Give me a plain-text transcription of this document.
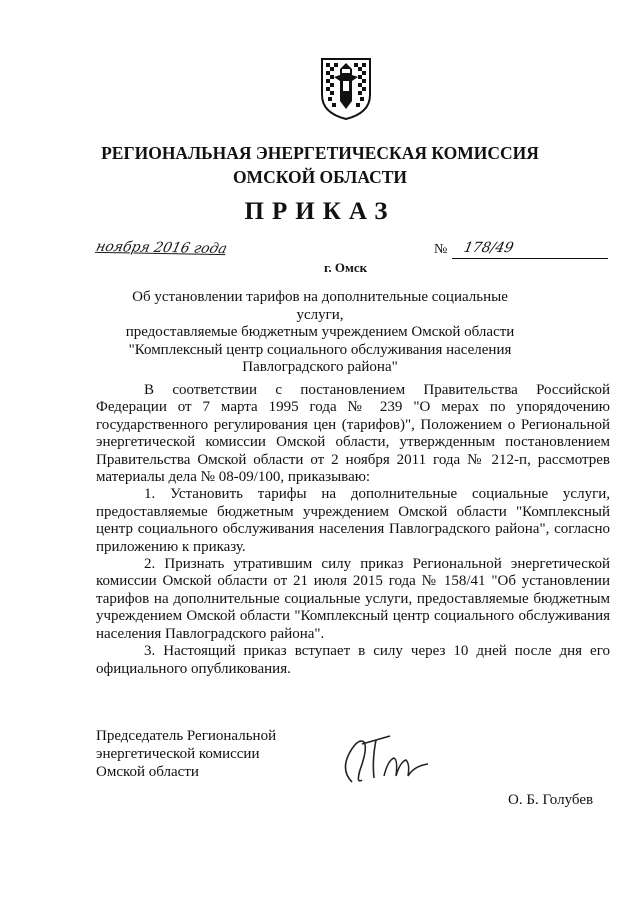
РЕГИОНАЛЬНАЯ ЭНЕРГЕТИЧЕСКАЯ КОМИССИЯ
ОМСКОЙ ОБЛАСТИ
ПРИКАЗ
ноября 2016 года	№ 178/49
г. Омск
Об установлении тарифов на дополнительные социальные услуги,
предоставляемые бюджетным учреждением Омской области
"Комплексный центр социального обслуживания населения
Павлоградского района"

В соответствии с постановлением Правительства Российской Федерации от 7 марта 1995 года № 239 "О мерах по упорядочению государственного регулирования цен (тарифов)", Положением о Региональной энергетической комиссии Омской области, утвержденным постановлением Правительства Омской области от 2 ноября 2011 года № 212-п, рассмотрев материалы дела № 08-09/100, приказываю:

1. Установить тарифы на дополнительные социальные услуги, предоставляемые бюджетным учреждением Омской области "Комплексный центр социального обслуживания населения Павлоградского района", согласно приложению к приказу.

2. Признать утратившим силу приказ Региональной энергетической комиссии Омской области от 21 июля 2015 года № 158/41 "Об установлении тарифов на дополнительные социальные услуги, предоставляемые бюджетным учреждением Омской области "Комплексный центр социального обслуживания населения Павлоградского района".

3. Настоящий приказ вступает в силу через 10 дней после дня его официального опубликования.

Председатель Региональной
энергетической комиссии
Омской области
О. Б. Голубев
